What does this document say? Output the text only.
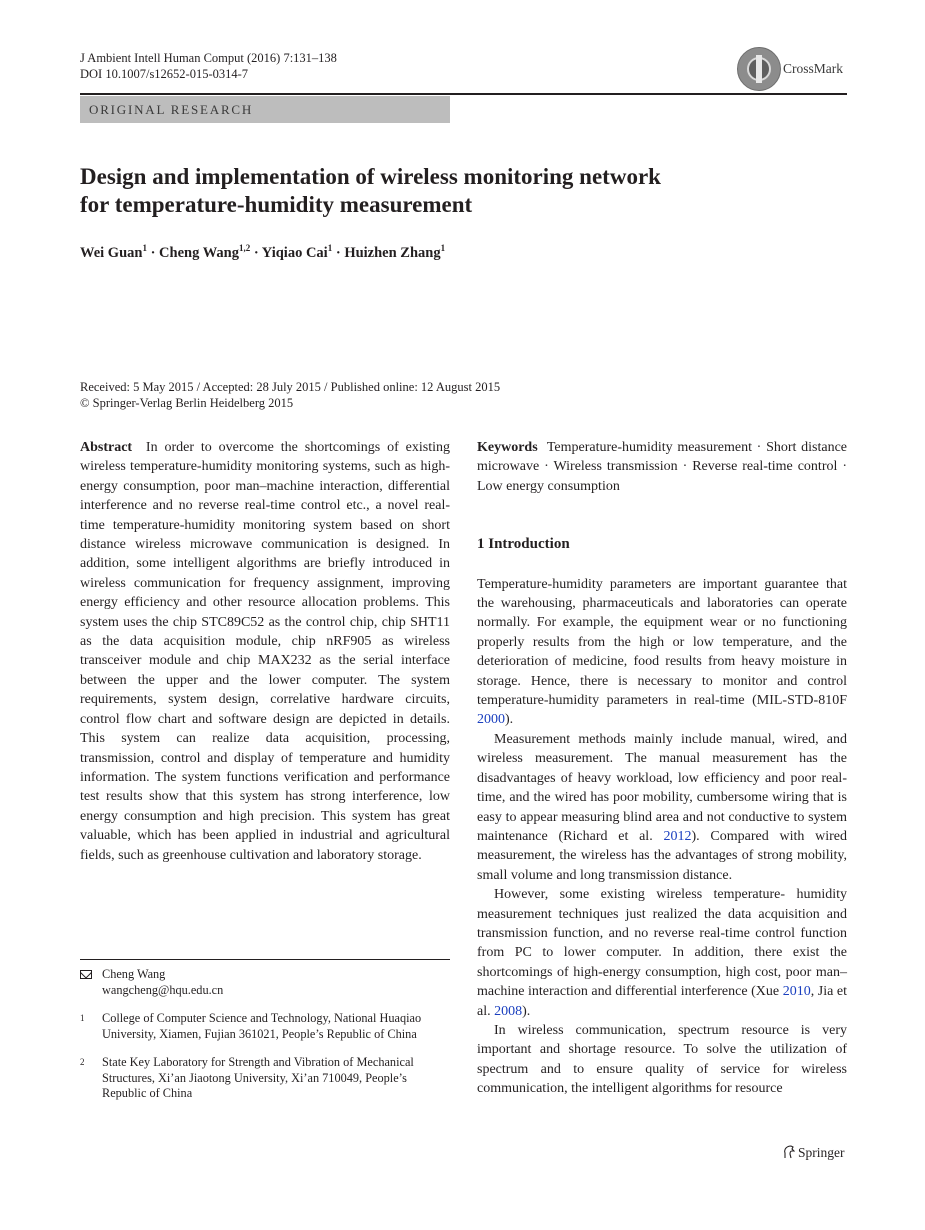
J Ambient Intell Human Comput (2016) 7:131–138
DOI 10.1007/s12652-015-0314-7	CrossMark
ORIGINAL RESEARCH
Design and implementation of wireless monitoring network
for temperature-humidity measurement
Wei Guan$^1$ · Cheng Wang$^{1,2}$ · Yiqiao Cai$^1$ · Huizhen Zhang$^1$
Received: 5 May 2015 / Accepted: 28 July 2015 / Published online: 12 August 2015
© Springer-Verlag Berlin Heidelberg 2015

Abstract In order to overcome the shortcomings of existing wireless temperature-humidity monitoring systems, such as high-energy consumption, poor man–machine interaction, differential interference and no reverse real-time control etc., a novel real-time temperature-humidity monitoring system based on short distance wireless microwave communication is designed. In addition, some intelligent algorithms are briefly introduced in wireless communication for frequency assignment, improving energy efficiency and other resource allocation problems. This system uses the chip STC89C52 as the control chip, chip SHT11 as the data acquisition module, chip nRF905 as wireless transceiver module and chip MAX232 as the serial interface between the upper and the lower computer. The system requirements, system design, correlative hardware circuits, control flow chart and software design are depicted in details. This system can realize data acquisition, processing, transmission, control and display of temperature and humidity information. The system functions verification and performance test results show that this system has strong interference, low energy consumption and high precision. This system has great valuable, which has been applied in industrial and agricultural fields, such as greenhouse cultivation and laboratory storage.

Cheng Wang
wangcheng@hqu.edu.cn
1 College of Computer Science and Technology, National Huaqiao University, Xiamen, Fujian 361021, People’s Republic of China
2 State Key Laboratory for Strength and Vibration of Mechanical Structures, Xi’an Jiaotong University, Xi’an 710049, People’s Republic of China

Keywords Temperature-humidity measurement · Short distance microwave · Wireless transmission · Reverse real-time control · Low energy consumption

1 Introduction

Temperature-humidity parameters are important guarantee that the warehousing, pharmaceuticals and laboratories can operate normally. For example, the equipment wear or no functioning properly results from the high or low temperature, and the deterioration of medicine, food results from heavy moisture in storage. Hence, there is necessary to monitor and control temperature-humidity parameters in real-time (MIL-STD-810F 2000).

Measurement methods mainly include manual, wired, and wireless measurement. The manual measurement has the disadvantages of heavy workload, low efficiency and poor real-time, and the wired has poor mobility, cumbersome wiring that is easy to appear measuring blind area and not conductive to system maintenance (Richard et al. 2012). Compared with wired measurement, the wireless has the advantages of strong mobility, small volume and long transmission distance.

However, some existing wireless temperature- humidity measurement techniques just realized the data acquisition and transmission function, and no reverse real-time control function from PC to lower computer. In addition, there exist the shortcomings of high-energy consumption, high cost, poor man–machine interaction and differential interference (Xue 2010, Jia et al. 2008).

In wireless communication, spectrum resource is very important and shortage resource. To solve the utilization of spectrum and to ensure quality of service for wireless communication, the intelligent algorithms for resource

Springer
